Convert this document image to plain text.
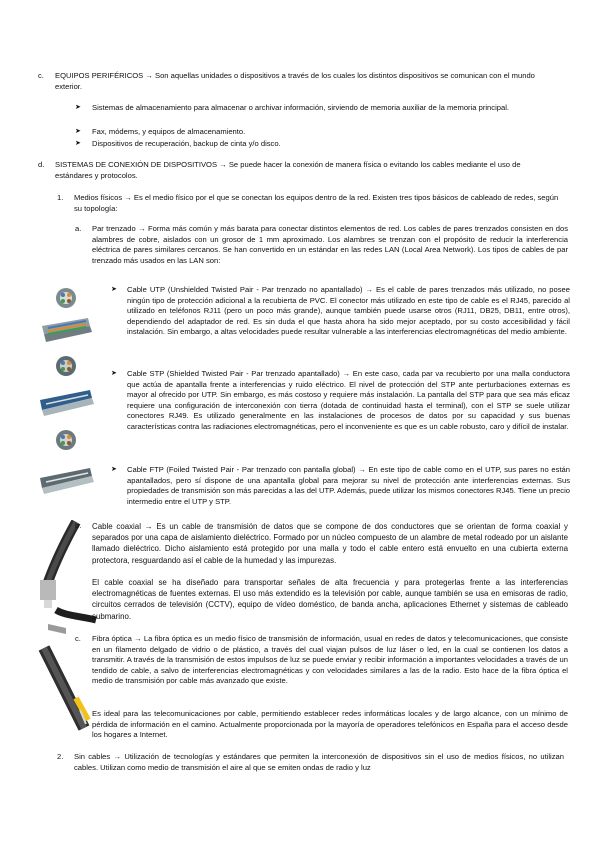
c. EQUIPOS PERIFÉRICOS → Son aquellas unidades o dispositivos a través de los cuales los distintos dispositivos se comunican con el mundo exterior.

➤ Sistemas de almacenamiento para almacenar o archivar información, sirviendo de memoria auxiliar de la memoria principal.

➤ Fax, módems, y equipos de almacenamiento.

➤ Dispositivos de recuperación, backup de cinta y/o disco.

d. SISTEMAS DE CONEXIÓN DE DISPOSITIVOS → Se puede hacer la conexión de manera física o evitando los cables mediante el uso de estándares y protocolos.

1. Medios físicos → Es el medio físico por el que se conectan los equipos dentro de la red. Existen tres tipos básicos de cableado de redes, según su topología:

a. Par trenzado → Forma más común y más barata para conectar distintos elementos de red. Los cables de pares trenzados consisten en dos alambres de cobre, aislados con un grosor de 1 mm aproximado. Los alambres se trenzan con el propósito de reducir la interferencia eléctrica de pares similares cercanos. Se han convertido en un estándar en las redes LAN (Local Area Network). Los tipos de cables de par trenzado más usados en las LAN son:

➤ Cable UTP (Unshielded Twisted Pair - Par trenzado no apantallado) → Es el cable de pares trenzados más utilizado, no posee ningún tipo de protección adicional a la recubierta de PVC. El conector más utilizado en este tipo de cable es el RJ45, parecido al utilizado en teléfonos RJ11 (pero un poco más grande), aunque también puede usarse otros (RJ11, DB25, DB11, entre otros), dependiendo del adaptador de red. Es sin duda el que hasta ahora ha sido mejor aceptado, por su costo accesibilidad y fácil instalación. Sin embargo, a altas velocidades puede resultar vulnerable a las interferencias electromagnéticas del medio ambiente.

➤ Cable STP (Shielded Twisted Pair - Par trenzado apantallado) → En este caso, cada par va recubierto por una malla conductora que actúa de apantalla frente a interferencias y ruido eléctrico. El nivel de protección del STP ante perturbaciones externas es mayor al ofrecido por UTP. Sin embargo, es más costoso y requiere más instalación. La pantalla del STP para que sea más eficaz requiere una configuración de interconexión con tierra (dotada de continuidad hasta el terminal), con el STP se suele utilizar conectores RJ49. Es utilizado generalmente en las instalaciones de procesos de datos por su capacidad y sus buenas características contra las radiaciones electromagnéticas, pero el inconveniente es que es un cable robusto, caro y difícil de instalar.

➤ Cable FTP (Foiled Twisted Pair - Par trenzado con pantalla global) → En este tipo de cable como en el UTP, sus pares no están apantallados, pero sí dispone de una apantalla global para mejorar su nivel de protección ante interferencias externas. Sus propiedades de transmisión son más parecidas a las del UTP. Además, puede utilizar los mismos conectores RJ45. Tiene un precio intermedio entre el UTP y STP.

b. Cable coaxial → Es un cable de transmisión de datos que se compone de dos conductores que se orientan de forma coaxial y separados por una capa de aislamiento dieléctrico. Formado por un núcleo compuesto de un alambre de metal rodeado por un aislante llamado dieléctrico. Dicho aislamiento está protegido por una malla y todo el cable entero está envuelto en una cubierta externa protectora, resguardando así el cable de la humedad y las impurezas.

El cable coaxial se ha diseñado para transportar señales de alta frecuencia y para protegerlas frente a las interferencias electromagnéticas de fuentes externas. El uso más extendido es la televisión por cable, aunque también se usa en emisoras de radio, circuitos cerrados de televisión (CCTV), equipo de vídeo doméstico, de banda ancha, aplicaciones Ethernet y sistemas de cableado submarino.

c. Fibra óptica → La fibra óptica es un medio físico de transmisión de información, usual en redes de datos y telecomunicaciones, que consiste en un filamento delgado de vidrio o de plástico, a través del cual viajan pulsos de luz láser o led, en la cual se contienen los datos a transmitir. A través de la transmisión de estos impulsos de luz se puede enviar y recibir información a importantes velocidades a través de un tendido de cable, a salvo de interferencias electromagnéticas y con velocidades similares a las de la radio. Esto hace de la fibra óptica el medio de transmisión por cable más avanzado que existe.

Es ideal para las telecomunicaciones por cable, permitiendo establecer redes informáticas locales y de largo alcance, con un mínimo de pérdida de información en el camino. Actualmente proporcionada por la mayoría de operadores telefónicos en España para el acceso desde los hogares a Internet.

2. Sin cables → Utilización de tecnologías y estándares que permiten la interconexión de dispositivos sin el uso de medios físicos, no utilizan cables. Utilizan como medio de transmisión el aire al que se emiten ondas de radio y luz
